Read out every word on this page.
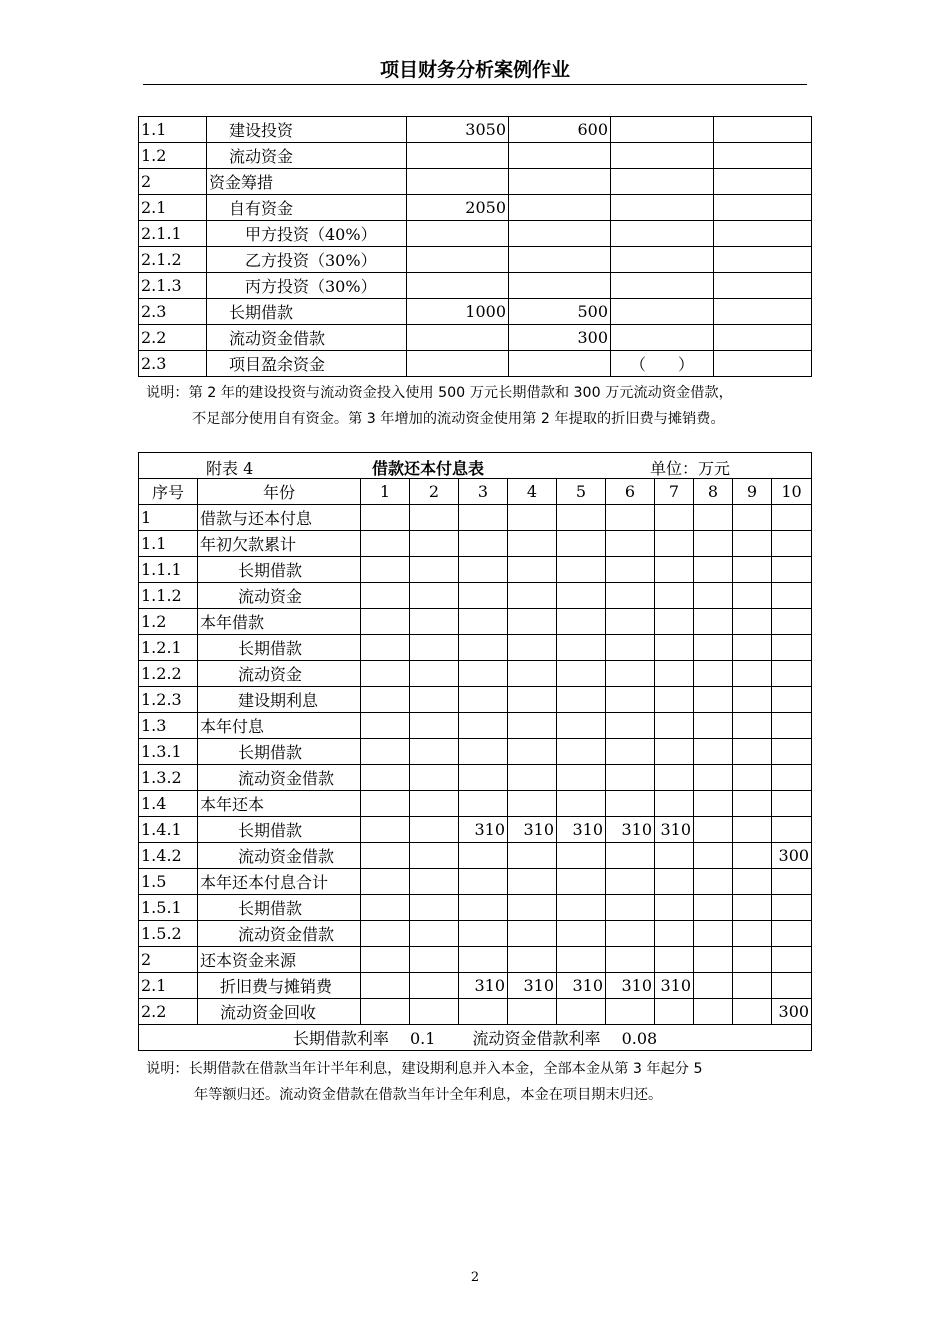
项目财务分析案例作业
1.1	建设投资	3050	600		
1.2	流动资金				
2	资金筹措				
2.1	自有资金	2050			
2.1.1	甲方投资（40%）				
2.1.2	乙方投资（30%）				
2.1.3	丙方投资（30%）				
2.3	长期借款	1000	500		
2.2	流动资金借款		300		
2.3	项目盈余资金			（　　）	
说明：第 2 年的建设投资与流动资金投入使用 500 万元长期借款和 300 万元流动资金借款，
不足部分使用自有资金。第 3 年增加的流动资金使用第 2 年提取的折旧费与摊销费。
附表 4 借款还本付息表 单位：万元											

序号	年份	1	2	3	4	5	6	7	8	9	10
1	借款与还本付息										
1.1	年初欠款累计										
1.1.1	长期借款										
1.1.2	流动资金										
1.2	本年借款										
1.2.1	长期借款										
1.2.2	流动资金										
1.2.3	建设期利息										
1.3	本年付息										
1.3.1	长期借款										
1.3.2	流动资金借款										
1.4	本年还本										
1.4.1	长期借款			310	310	310	310	310			
1.4.2	流动资金借款										300
1.5	本年还本付息合计										
1.5.1	长期借款										
1.5.2	流动资金借款										
2	还本资金来源										
2.1	折旧费与摊销费			310	310	310	310	310			
2.2	流动资金回收										300
长期借款利率　 0.1　　 流动资金借款利率　 0.08											
说明：长期借款在借款当年计半年利息，建设期利息并入本金，全部本金从第 3 年起分 5
年等额归还。流动资金借款在借款当年计全年利息，本金在项目期末归还。
2
